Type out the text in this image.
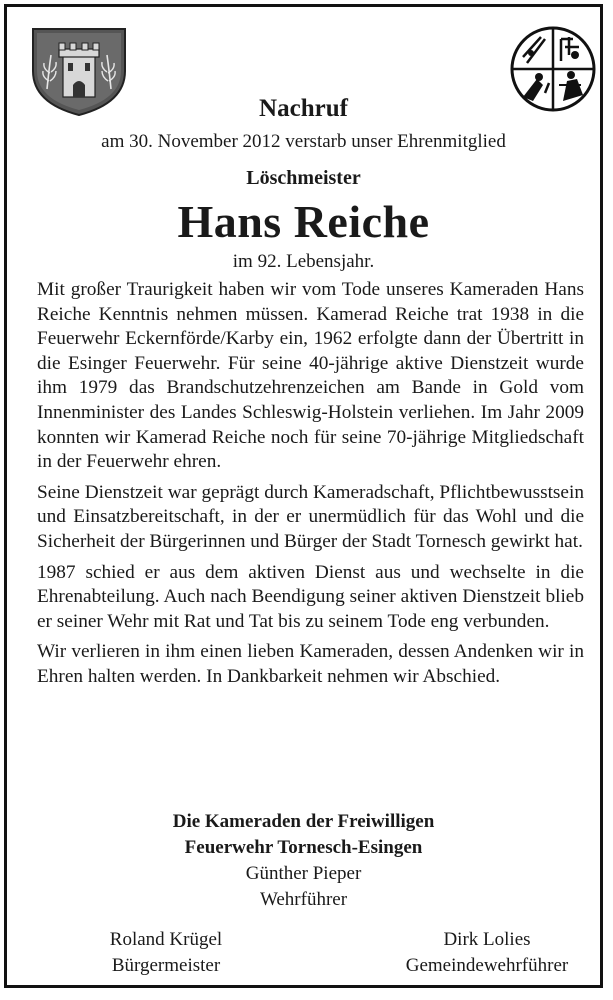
Nachruf
am 30. November 2012 verstarb unser Ehrenmitglied
Löschmeister
Hans Reiche
im 92. Lebensjahr.

Mit großer Traurigkeit haben wir vom Tode unseres Kameraden Hans Reiche Kenntnis nehmen müssen. Kamerad Reiche trat 1938 in die Feuerwehr Eckernförde/Karby ein, 1962 erfolgte dann der Übertritt in die Esinger Feuerwehr. Für seine 40-jährige aktive Dienstzeit wurde ihm 1979 das Brandschutzehrenzeichen am Bande in Gold vom Innenminister des Landes Schleswig-Holstein verliehen. Im Jahr 2009 konnten wir Kamerad Reiche noch für seine 70-jährige Mitgliedschaft in der Feuerwehr ehren.

Seine Dienstzeit war geprägt durch Kameradschaft, Pflichtbewusstsein und Einsatzbereitschaft, in der er unermüdlich für das Wohl und die Sicherheit der Bürgerinnen und Bürger der Stadt Tornesch gewirkt hat.

1987 schied er aus dem aktiven Dienst aus und wechselte in die Ehrenabteilung. Auch nach Beendigung seiner aktiven Dienstzeit blieb er seiner Wehr mit Rat und Tat bis zu seinem Tode eng verbunden.

Wir verlieren in ihm einen lieben Kameraden, dessen Andenken wir in Ehren halten werden. In Dankbarkeit nehmen wir Abschied.

Die Kameraden der Freiwilligen
Feuerwehr Tornesch-Esingen
Günther Pieper
Wehrführer
Roland Krügel
Bürgermeister
Dirk Lolies
Gemeindewehrführer
